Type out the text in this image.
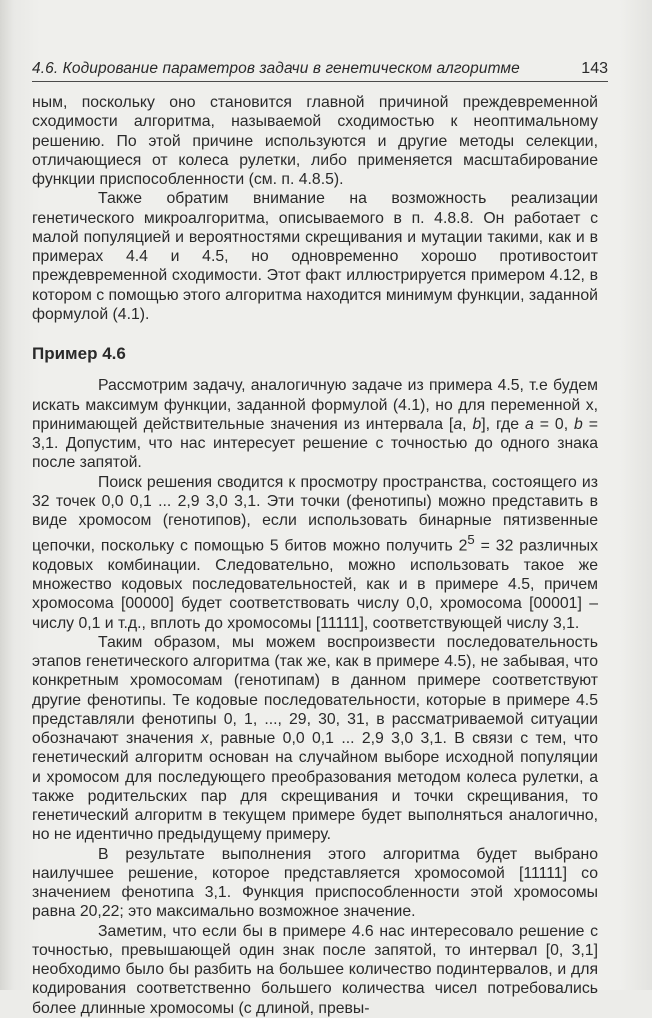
4.6. Кодирование параметров задачи в генетическом алгоритме	143

ным, поскольку оно становится главной причиной преждевременной сходимости алгоритма, называемой сходимостью к неоптимальному решению. По этой причине используются и другие методы селекции, отличающиеся от колеса рулетки, либо применяется масштабирование функции приспособленности (см. п. 4.8.5).

Также обратим внимание на возможность реализации генетического микроалгоритма, описываемого в п. 4.8.8. Он работает с малой популяцией и вероятностями скрещивания и мутации такими, как и в примерах 4.4 и 4.5, но одновременно хорошо противостоит преждевременной сходимости. Этот факт иллюстрируется примером 4.12, в котором с помощью этого алгоритма находится минимум функции, заданной формулой (4.1).

Пример 4.6

Рассмотрим задачу, аналогичную задаче из примера 4.5, т.е будем искать максимум функции, заданной формулой (4.1), но для переменной x, принимающей действительные значения из интервала [a, b], где a = 0, b = 3,1. Допустим, что нас интересует решение с точностью до одного знака после запятой.

Поиск решения сводится к просмотру пространства, состоящего из 32 точек 0,0 0,1 ... 2,9 3,0 3,1. Эти точки (фенотипы) можно представить в виде хромосом (генотипов), если использовать бинарные пятизвенные цепочки, поскольку с помощью 5 битов можно получить $2^5 = 32$ различных кодовых комбинации. Следовательно, можно использовать такое же множество кодовых последовательностей, как и в примере 4.5, причем хромосома [00000] будет соответствовать числу 0,0, хромосома [00001] – числу 0,1 и т.д., вплоть до хромосомы [11111], соответствующей числу 3,1.

Таким образом, мы можем воспроизвести последовательность этапов генетического алгоритма (так же, как в примере 4.5), не забывая, что конкретным хромосомам (генотипам) в данном примере соответствуют другие фенотипы. Те кодовые последовательности, которые в примере 4.5 представляли фенотипы 0, 1, ..., 29, 30, 31, в рассматриваемой ситуации обозначают значения x, равные 0,0 0,1 ... 2,9 3,0 3,1. В связи с тем, что генетический алгоритм основан на случайном выборе исходной популяции и хромосом для последующего преобразования методом колеса рулетки, а также родительских пар для скрещивания и точки скрещивания, то генетический алгоритм в текущем примере будет выполняться аналогично, но не идентично предыдущему примеру.

В результате выполнения этого алгоритма будет выбрано наилучшее решение, которое представляется хромосомой [11111] со значением фенотипа 3,1. Функция приспособленности этой хромосомы равна 20,22; это максимально возможное значение.

Заметим, что если бы в примере 4.6 нас интересовало решение с точностью, превышающей один знак после запятой, то интервал [0, 3,1] необходимо было бы разбить на большее количество подинтервалов, и для кодирования соответственно большего количества чисел потребовались более длинные хромосомы (с длиной, превы-
